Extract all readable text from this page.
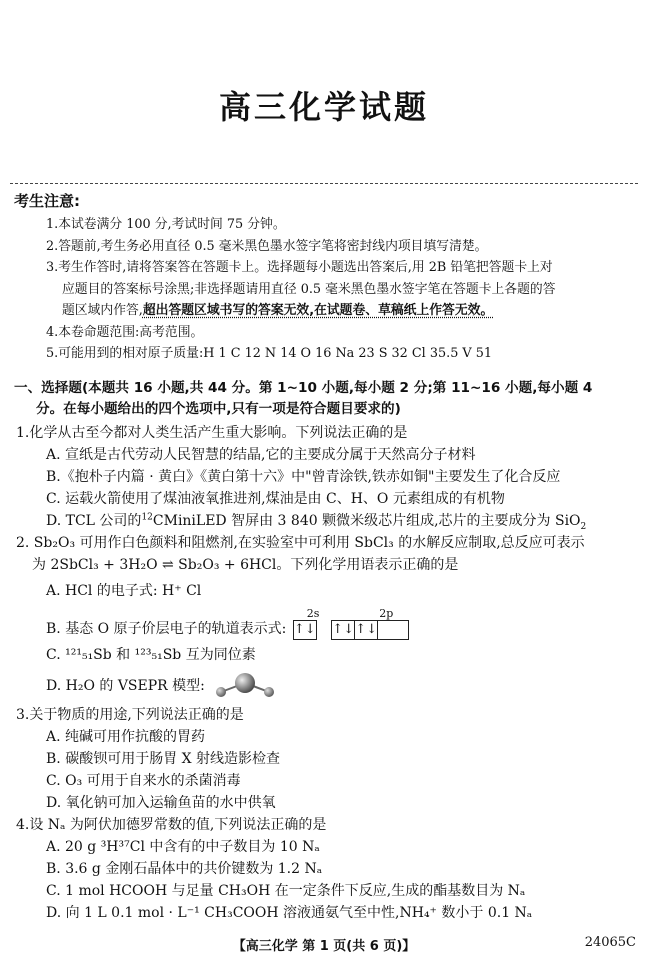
高三化学试题
考生注意:
1.本试卷满分 100 分,考试时间 75 分钟。
2.答题前,考生务必用直径 0.5 毫米黑色墨水签字笔将密封线内项目填写清楚。
3.考生作答时,请将答案答在答题卡上。选择题每小题选出答案后,用 2B 铅笔把答题卡上对
应题目的答案标号涂黑;非选择题请用直径 0.5 毫米黑色墨水签字笔在答题卡上各题的答
题区域内作答,超出答题区域书写的答案无效,在试题卷、草稿纸上作答无效。
4.本卷命题范围:高考范围。
5.可能用到的相对原子质量:H 1 C 12 N 14 O 16 Na 23 S 32 Cl 35.5 V 51
一、选择题(本题共 16 小题,共 44 分。第 1~10 小题,每小题 2 分;第 11~16 小题,每小题 4
分。在每小题给出的四个选项中,只有一项是符合题目要求的)
1.化学从古至今都对人类生活产生重大影响。下列说法正确的是
A. 宣纸是古代劳动人民智慧的结晶,它的主要成分属于天然高分子材料
B.《抱朴子内篇 · 黄白》《黄白第十六》中"曾青涂铁,铁赤如铜"主要发生了化合反应
C. 运载火箭使用了煤油液氧推进剂,煤油是由 C、H、O 元素组成的有机物
D. TCL 公司的$^{12}$CMiniLED 智屏由 3 840 颗微米级芯片组成,芯片的主要成分为 SiO$_2$
2. Sb₂O₃ 可用作白色颜料和阻燃剂,在实验室中可利用 SbCl₃ 的水解反应制取,总反应可表示
为 2SbCl₃ + 3H₂O ⇌ Sb₂O₃ + 6HCl。下列化学用语表示正确的是
A. HCl 的电子式: H⁺ Cl
B. 基态 O 原子价层电子的轨道表示式:
2s
↑↓

2p
↑↓ ↑↓
C. ¹²¹₅₁Sb 和 ¹²³₅₁Sb 互为同位素
D. H₂O 的 VSEPR 模型:
3.关于物质的用途,下列说法正确的是
A. 纯碱可用作抗酸的胃药
B. 碳酸钡可用于肠胃 X 射线造影检查
C. O₃ 可用于自来水的杀菌消毒
D. 氧化钠可加入运输鱼苗的水中供氧
4.设 Nₐ 为阿伏加德罗常数的值,下列说法正确的是
A. 20 g ³H³⁷Cl 中含有的中子数目为 10 Nₐ
B. 3.6 g 金刚石晶体中的共价键数为 1.2 Nₐ
C. 1 mol HCOOH 与足量 CH₃OH 在一定条件下反应,生成的酯基数目为 Nₐ
D. 向 1 L 0.1 mol · L⁻¹ CH₃COOH 溶液通氨气至中性,NH₄⁺ 数小于 0.1 Nₐ
【高三化学 第 1 页(共 6 页)】	24065C
